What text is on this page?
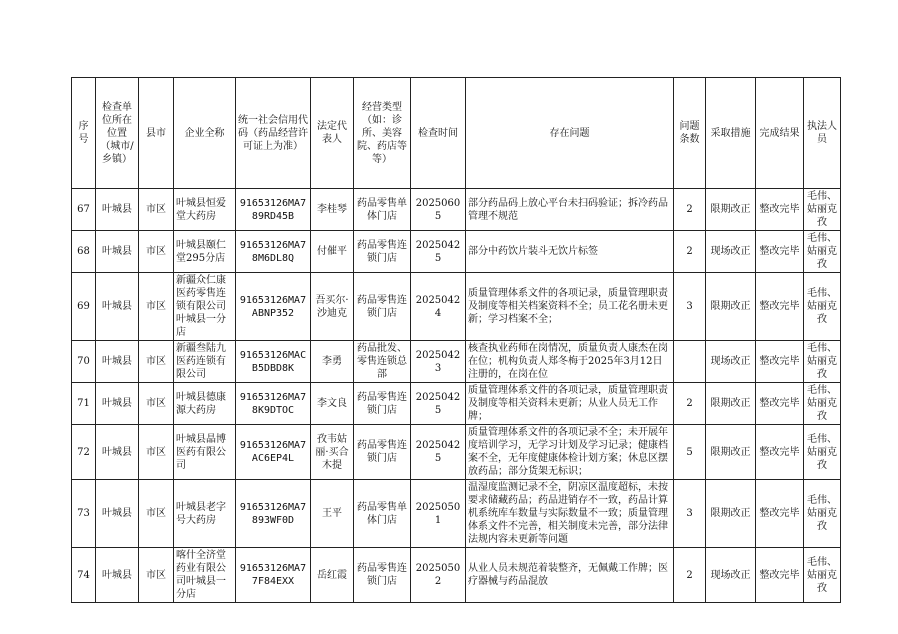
序号	检查单位所在位置（城市/乡镇）	县市	企业全称	统一社会信用代码（药品经营许可证上为准）	法定代表人	经营类型（如：诊所、美容院、药店等等）	检查时间	存在问题	问题条数	采取措施	完成结果	执法人员
67	叶城县	市区	叶城县恒爱堂大药房	91653126MA789RD45B	李桂琴	药品零售单体门店	20250605	部分药品码上放心平台未扫码验证；拆冷药品管理不规范	2	限期改正	整改完毕	毛伟、姑丽克孜
68	叶城县	市区	叶城县颐仁堂295分店	91653126MA78M6DL8Q	付催平	药品零售连锁门店	20250425	部分中药饮片装斗无饮片标签	2	现场改正	整改完毕	毛伟、姑丽克孜
69	叶城县	市区	新疆众仁康医药零售连锁有限公司叶城县一分店	91653126MA7ABNP352	吾买尔·沙迪克	药品零售连锁门店	20250424	质量管理体系文件的各项记录，质量管理职责及制度等相关档案资料不全；员工花名册未更新；学习档案不全；	3	限期改正	整改完毕	毛伟、姑丽克孜
70	叶城县	市区	新疆叁陆九医药连锁有限公司	91653126MACB5DBD8K	李勇	药品批发、零售连锁总部	20250423	核查执业药师在岗情况，质量负责人康杰在岗在位；机构负责人郑冬梅于2025年3月12日注册的，在岗在位		现场改正	整改完毕	毛伟、姑丽克孜
71	叶城县	市区	叶城县德康源大药房	91653126MA78K9DTOC	李文良	药品零售连锁门店	20250425	质量管理体系文件的各项记录，质量管理职责及制度等相关资料未更新；从业人员无工作牌；	2	限期改正	整改完毕	毛伟、姑丽克孜
72	叶城县	市区	叶城县晶博医药有限公司	91653126MA7AC6EP4L	孜韦姑丽·买合木提	药品零售连锁门店	20250425	质量管理体系文件的各项记录不全；未开展年度培训学习，无学习计划及学习记录；健康档案不全，无年度健康体检计划方案；休息区摆放药品；部分货架无标识；	5	限期改正	整改完毕	毛伟、姑丽克孜
73	叶城县	市区	叶城县老字号大药房	91653126MA7893WF0D	王平	药品零售单体门店	20250501	温湿度监测记录不全，阴凉区温度超标，未按要求储藏药品；药品进销存不一致，药品计算机系统库车数量与实际数量不一致；质量管理体系文件不完善，相关制度未完善，部分法律法规内容未更新等问题	3	限期改正	整改完毕	毛伟、姑丽克孜
74	叶城县	市区	喀什全济堂药业有限公司叶城县一分店	91653126MA77F84EXX	岳红霞	药品零售连锁门店	20250502	从业人员未规范着装整齐，无佩戴工作牌；医疗器械与药品混放	2	现场改正	整改完毕	毛伟、姑丽克孜
